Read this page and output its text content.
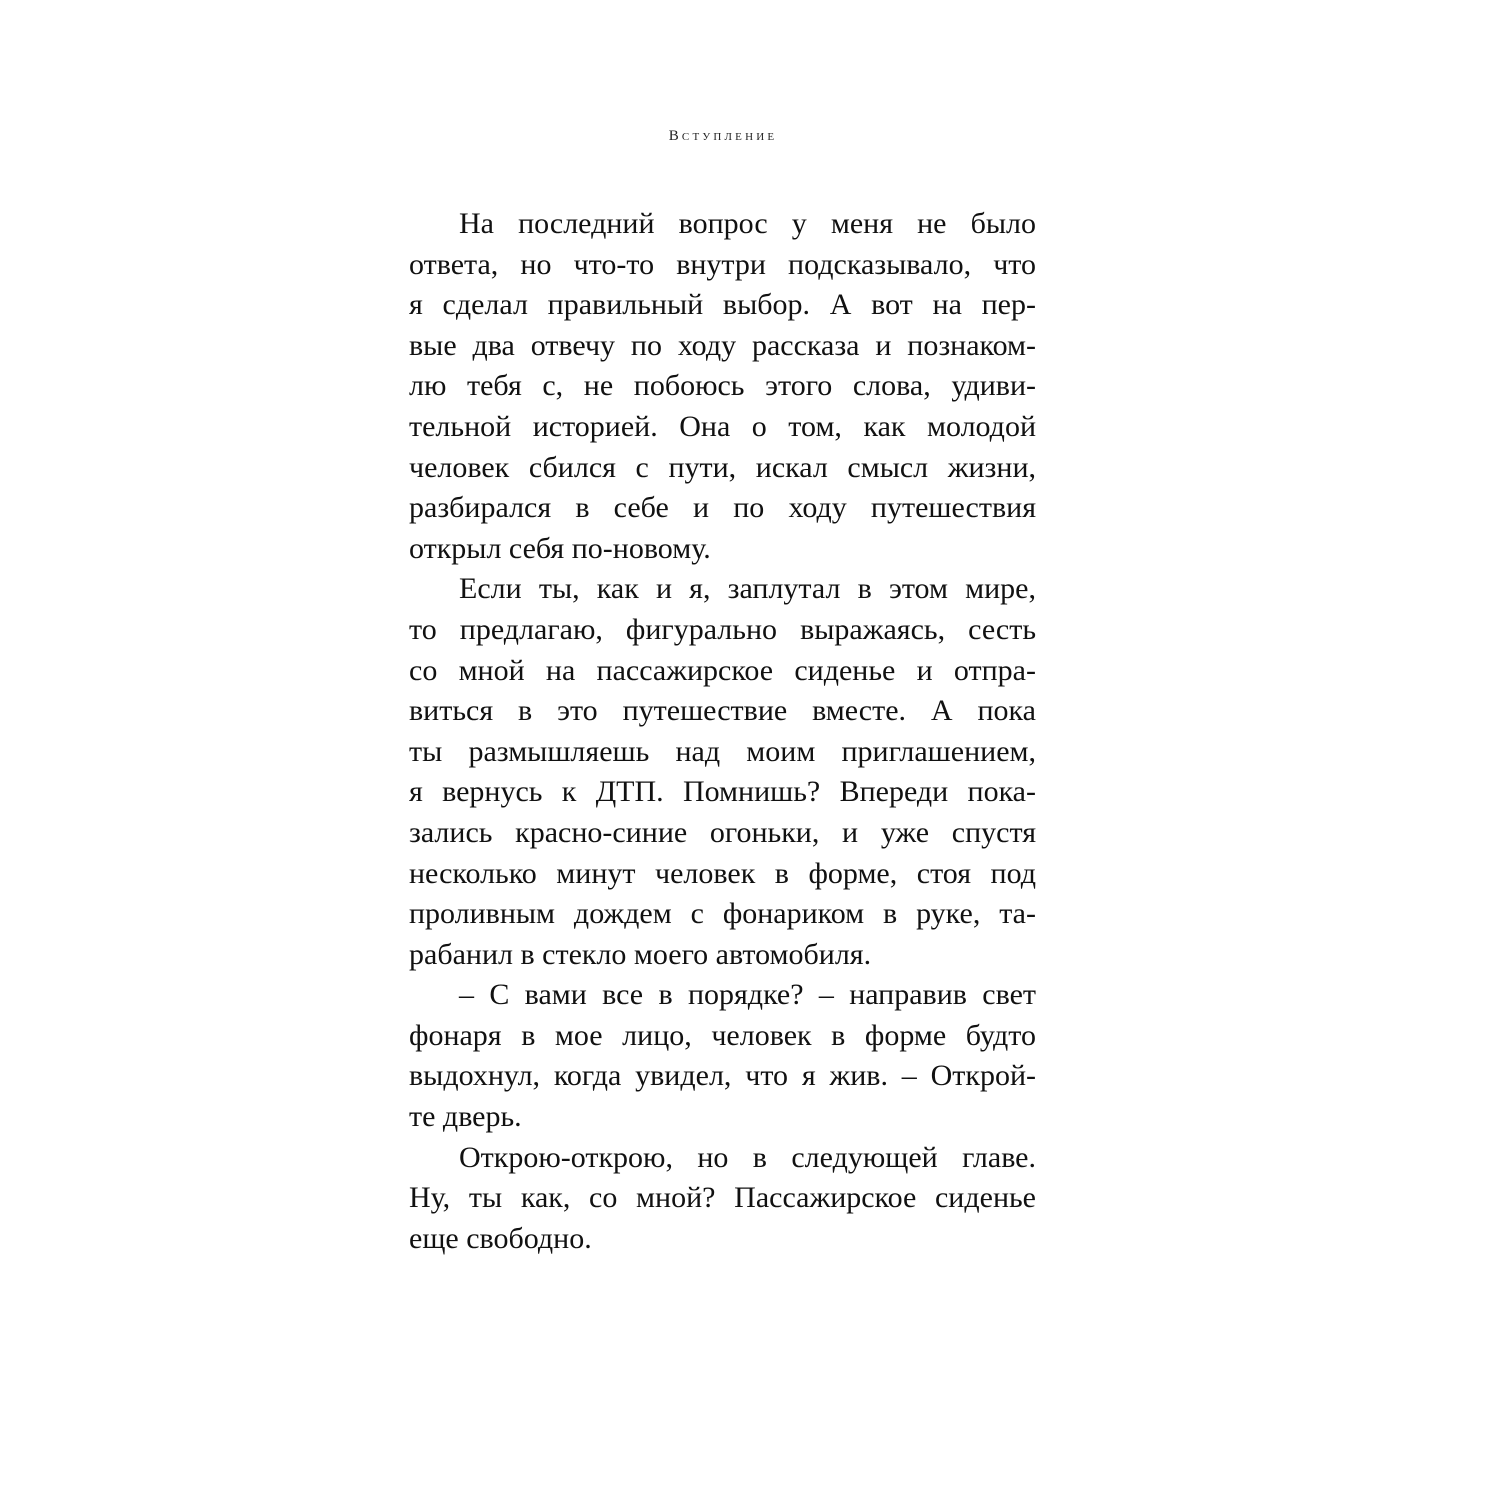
Вступление
На последний вопрос у меня не было
ответа, но что-то внутри подсказывало, что
я сделал правильный выбор. А вот на пер-
вые два отвечу по ходу рассказа и познаком-
лю тебя с, не побоюсь этого слова, удиви-
тельной историей. Она о том, как молодой
человек сбился с пути, искал смысл жизни,
разбирался в себе и по ходу путешествия
открыл себя по-новому.
Если ты, как и я, заплутал в этом мире,
то предлагаю, фигурально выражаясь, сесть
со мной на пассажирское сиденье и отпра-
виться в это путешествие вместе. А пока
ты размышляешь над моим приглашением,
я вернусь к ДТП. Помнишь? Впереди пока-
зались красно-синие огоньки, и уже спустя
несколько минут человек в форме, стоя под
проливным дождем с фонариком в руке, та-
рабанил в стекло моего автомобиля.
– С вами все в порядке? – направив свет
фонаря в мое лицо, человек в форме будто
выдохнул, когда увидел, что я жив. – Открой-
те дверь.
Открою-открою, но в следующей главе.
Ну, ты как, со мной? Пассажирское сиденье
еще свободно.
